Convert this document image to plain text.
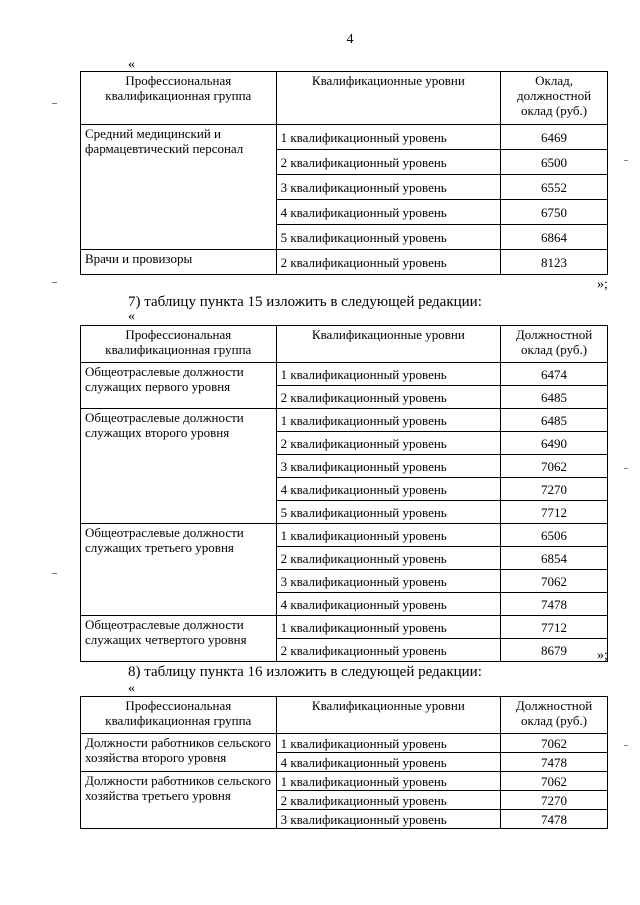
4
«
Профессиональная квалификационная группа	Квалификационные уровни	Оклад, должностной оклад (руб.)
Средний медицинский и фармацевтический персонал	1 квалификационный уровень	6469
	2 квалификационный уровень	6500
	3 квалификационный уровень	6552
	4 квалификационный уровень	6750
	5 квалификационный уровень	6864
Врачи и провизоры	2 квалификационный уровень	8123
»;
7) таблицу пункта 15 изложить в следующей редакции:
«
Профессиональная квалификационная группа	Квалификационные уровни	Должностной оклад (руб.)
Общеотраслевые должности служащих первого уровня	1 квалификационный уровень	6474
	2 квалификационный уровень	6485
Общеотраслевые должности служащих второго уровня	1 квалификационный уровень	6485
	2 квалификационный уровень	6490
	3 квалификационный уровень	7062
	4 квалификационный уровень	7270
	5 квалификационный уровень	7712
Общеотраслевые должности служащих третьего уровня	1 квалификационный уровень	6506
	2 квалификационный уровень	6854
	3 квалификационный уровень	7062
	4 квалификационный уровень	7478
Общеотраслевые должности служащих четвертого уровня	1 квалификационный уровень	7712
	2 квалификационный уровень	8679 »;
8) таблицу пункта 16 изложить в следующей редакции:
«
Профессиональная квалификационная группа	Квалификационные уровни	Должностной оклад (руб.)
Должности работников сельского хозяйства второго уровня	1 квалификационный уровень	7062
	4 квалификационный уровень	7478
Должности работников сельского хозяйства третьего уровня	1 квалификационный уровень	7062
	2 квалификационный уровень	7270
	3 квалификационный уровень	7478
